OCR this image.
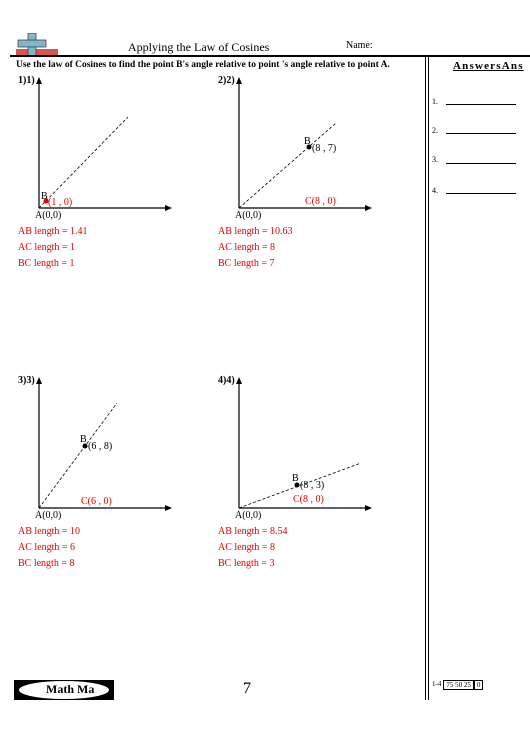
Applying the Law of Cosines	Name:
Use the law of Cosines to find the point B's angle relative to point 's angle relative to point A.
1)1)
B
(1 , 0)
A(0,0)
AB length = 1.41
AC length = 1
BC length = 1
2)2)
B
(8 , 7)
C(8 , 0)
A(0,0)
AB length = 10.63
AC length = 8
BC length = 7
3)3)
B
(6 , 8)
C(6 , 0)
A(0,0)
AB length = 10
AC length = 6
BC length = 8
4)4)
B
(8 , 3)
C(8 , 0)
A(0,0)
AB length = 8.54
AC length = 8
BC length = 3
AnswersAns
1.
2.
3.
4.
Math Ma	7	1-4 75 50 25 0
